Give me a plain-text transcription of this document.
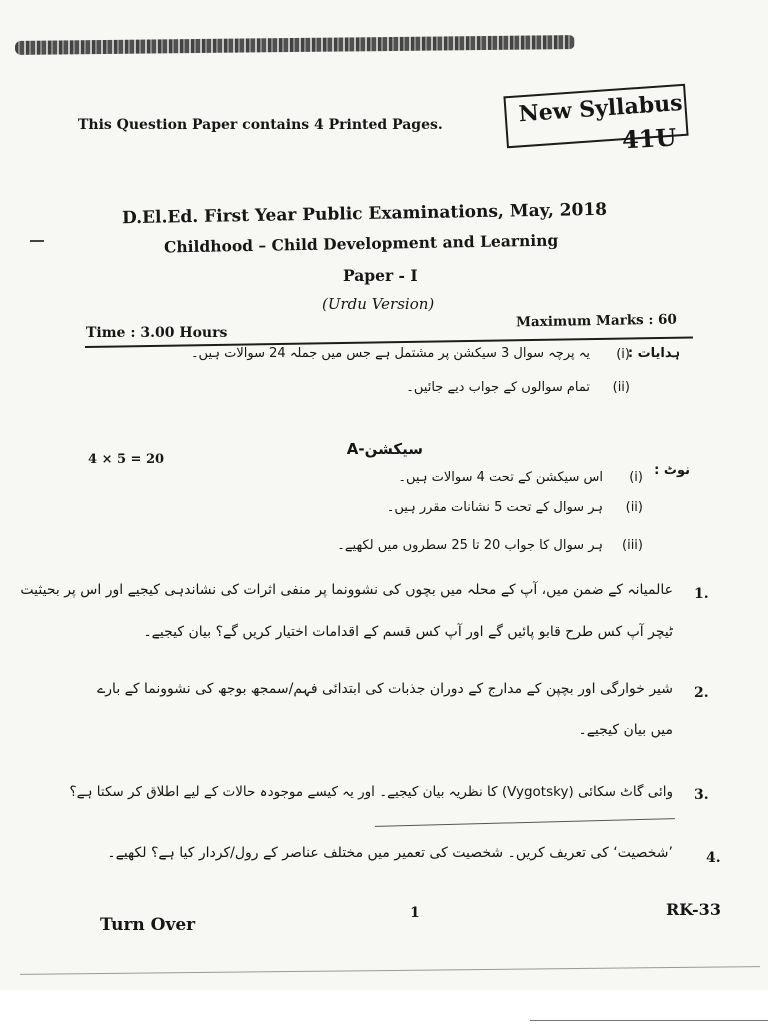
This Question Paper contains 4 Printed Pages.	New Syllabus
41U
D.El.Ed. First Year Public Examinations, May, 2018
Childhood – Child Development and Learning
Paper - I
(Urdu Version)
Time : 3.00 Hours
Maximum Marks : 60
ہدایات :
(i)
یہ پرچہ سوال 3 سیکشن پر مشتمل ہے جس میں جملہ 24 سوالات ہیں۔
(ii)
تمام سوالوں کے جواب دیے جائیں۔
4 × 5 = 20
سیکشن-A
نوٹ :
(i)
اس سیکشن کے تحت 4 سوالات ہیں۔
(ii)
ہر سوال کے تحت 5 نشانات مقرر ہیں۔
(iii)
ہر سوال کا جواب 20 تا 25 سطروں میں لکھیے۔
1.
عالمیانہ کے ضمن میں، آپ کے محلہ میں بچوں کی نشوونما پر منفی اثرات کی نشاندہی کیجیے اور اس پر بحیثیت
ٹیچر آپ کس طرح قابو پائیں گے اور آپ کس قسم کے اقدامات اختیار کریں گے؟ بیان کیجیے۔
2.
شیر خوارگی اور بچپن کے مدارج کے دوران جذبات کی ابتدائی فہم/سمجھ بوجھ کی نشوونما کے بارے
میں بیان کیجیے۔
3.
وائی گاٹ سکائی (Vygotsky) کا نظریہ بیان کیجیے۔ اور یہ کیسے موجودہ حالات کے لیے اطلاق کر سکتا ہے؟
4.
’شخصیت‘ کی تعریف کریں۔ شخصیت کی تعمیر میں مختلف عناصر کے رول/کردار کیا ہے؟ لکھیے۔
Turn Over
1	RK-33
